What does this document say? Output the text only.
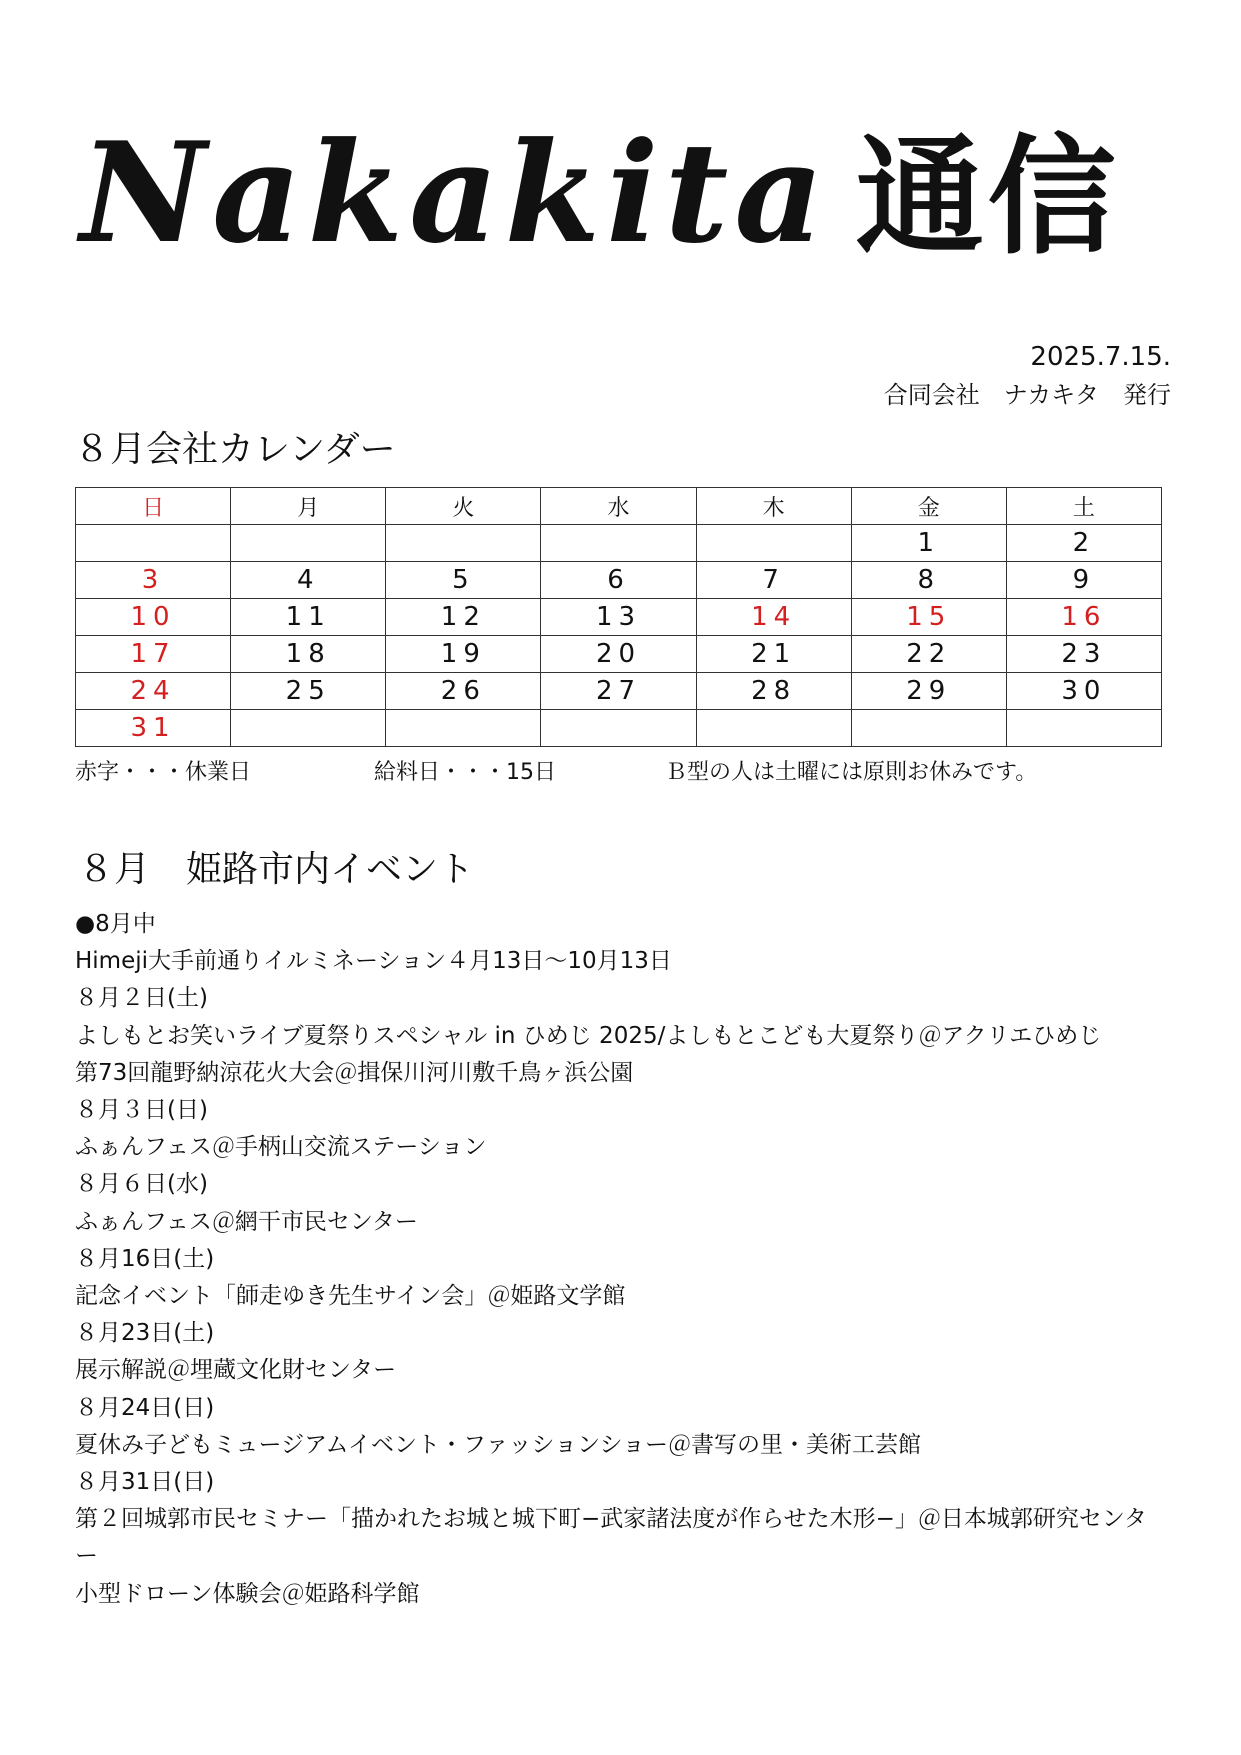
Nakakita 通信
2025.7.15.
合同会社　ナカキタ　発行
８月会社カレンダー
日	月	火	水	木	金	土
					1	2
3	4	5	6	7	8	9
10	11	12	13	14	15	16
17	18	19	20	21	22	23
24	25	26	27	28	29	30
31						
赤字・・・休業日	給料日・・・15日	Ｂ型の人は土曜には原則お休みです。
８月　姫路市内イベント
●8月中
Himeji大手前通りイルミネーション４月13日～10月13日
８月２日(土)
よしもとお笑いライブ夏祭りスペシャル in ひめじ 2025/よしもとこども大夏祭り＠アクリエひめじ
第73回龍野納涼花火大会＠揖保川河川敷千鳥ヶ浜公園
８月３日(日)
ふぁんフェス＠手柄山交流ステーション
８月６日(水)
ふぁんフェス＠網干市民センター
８月16日(土)
記念イベント「師走ゆき先生サイン会」＠姫路文学館
８月23日(土)
展示解説＠埋蔵文化財センター
８月24日(日)
夏休み子どもミュージアムイベント・ファッションショー＠書写の里・美術工芸館
８月31日(日)
第２回城郭市民セミナー「描かれたお城と城下町−武家諸法度が作らせた木形−」＠日本城郭研究センター
小型ドローン体験会＠姫路科学館
